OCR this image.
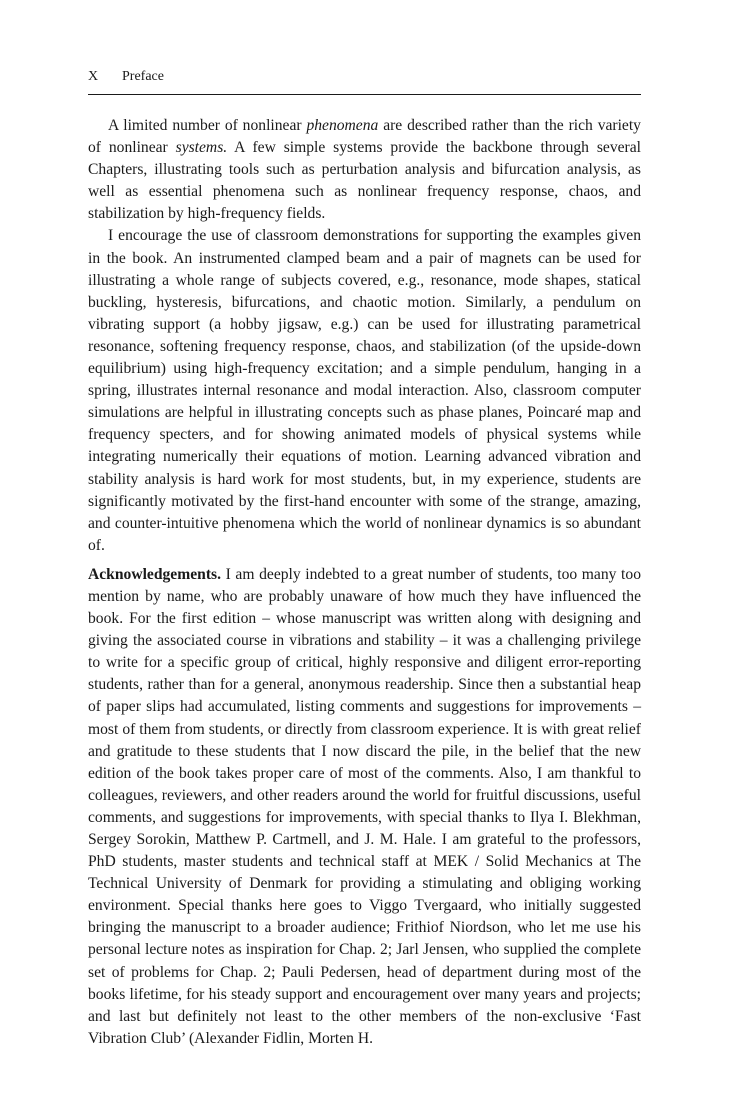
X Preface

A limited number of nonlinear phenomena are described rather than the rich variety of nonlinear systems. A few simple systems provide the backbone through several Chapters, illustrating tools such as perturbation analysis and bifurcation analysis, as well as essential phenomena such as nonlinear frequency response, chaos, and stabilization by high-frequency fields.

I encourage the use of classroom demonstrations for supporting the examples given in the book. An instrumented clamped beam and a pair of magnets can be used for illustrating a whole range of subjects covered, e.g., resonance, mode shapes, statical buckling, hysteresis, bifurcations, and chaotic motion. Similarly, a pendulum on vibrating support (a hobby jigsaw, e.g.) can be used for illustrating parametrical resonance, softening frequency response, chaos, and stabilization (of the upside-down equilibrium) using high-frequency excitation; and a simple pendulum, hanging in a spring, illustrates internal resonance and modal interaction. Also, classroom computer simulations are helpful in illustrating concepts such as phase planes, Poincaré map and frequency specters, and for showing animated models of physical systems while integrating numerically their equations of motion. Learning advanced vibration and stability analysis is hard work for most students, but, in my experience, students are significantly motivated by the first-hand encounter with some of the strange, amazing, and counter-intuitive phenomena which the world of nonlinear dynamics is so abundant of.

Acknowledgements. I am deeply indebted to a great number of students, too many too mention by name, who are probably unaware of how much they have influenced the book. For the first edition – whose manuscript was written along with designing and giving the associated course in vibrations and stability – it was a challenging privilege to write for a specific group of critical, highly responsive and diligent error-reporting students, rather than for a general, anonymous readership. Since then a substantial heap of paper slips had accumulated, listing comments and suggestions for improvements – most of them from students, or directly from classroom experience. It is with great relief and gratitude to these students that I now discard the pile, in the belief that the new edition of the book takes proper care of most of the comments. Also, I am thankful to colleagues, reviewers, and other readers around the world for fruitful discussions, useful comments, and suggestions for improvements, with special thanks to Ilya I. Blekhman, Sergey Sorokin, Matthew P. Cartmell, and J. M. Hale. I am grateful to the professors, PhD students, master students and technical staff at MEK / Solid Mechanics at The Technical University of Denmark for providing a stimulating and obliging working environment. Special thanks here goes to Viggo Tvergaard, who initially suggested bringing the manuscript to a broader audience; Frithiof Niordson, who let me use his personal lecture notes as inspiration for Chap. 2; Jarl Jensen, who supplied the complete set of problems for Chap. 2; Pauli Pedersen, head of department during most of the books lifetime, for his steady support and encouragement over many years and projects; and last but definitely not least to the other members of the non-exclusive ‘Fast Vibration Club’ (Alexander Fidlin, Morten H.
